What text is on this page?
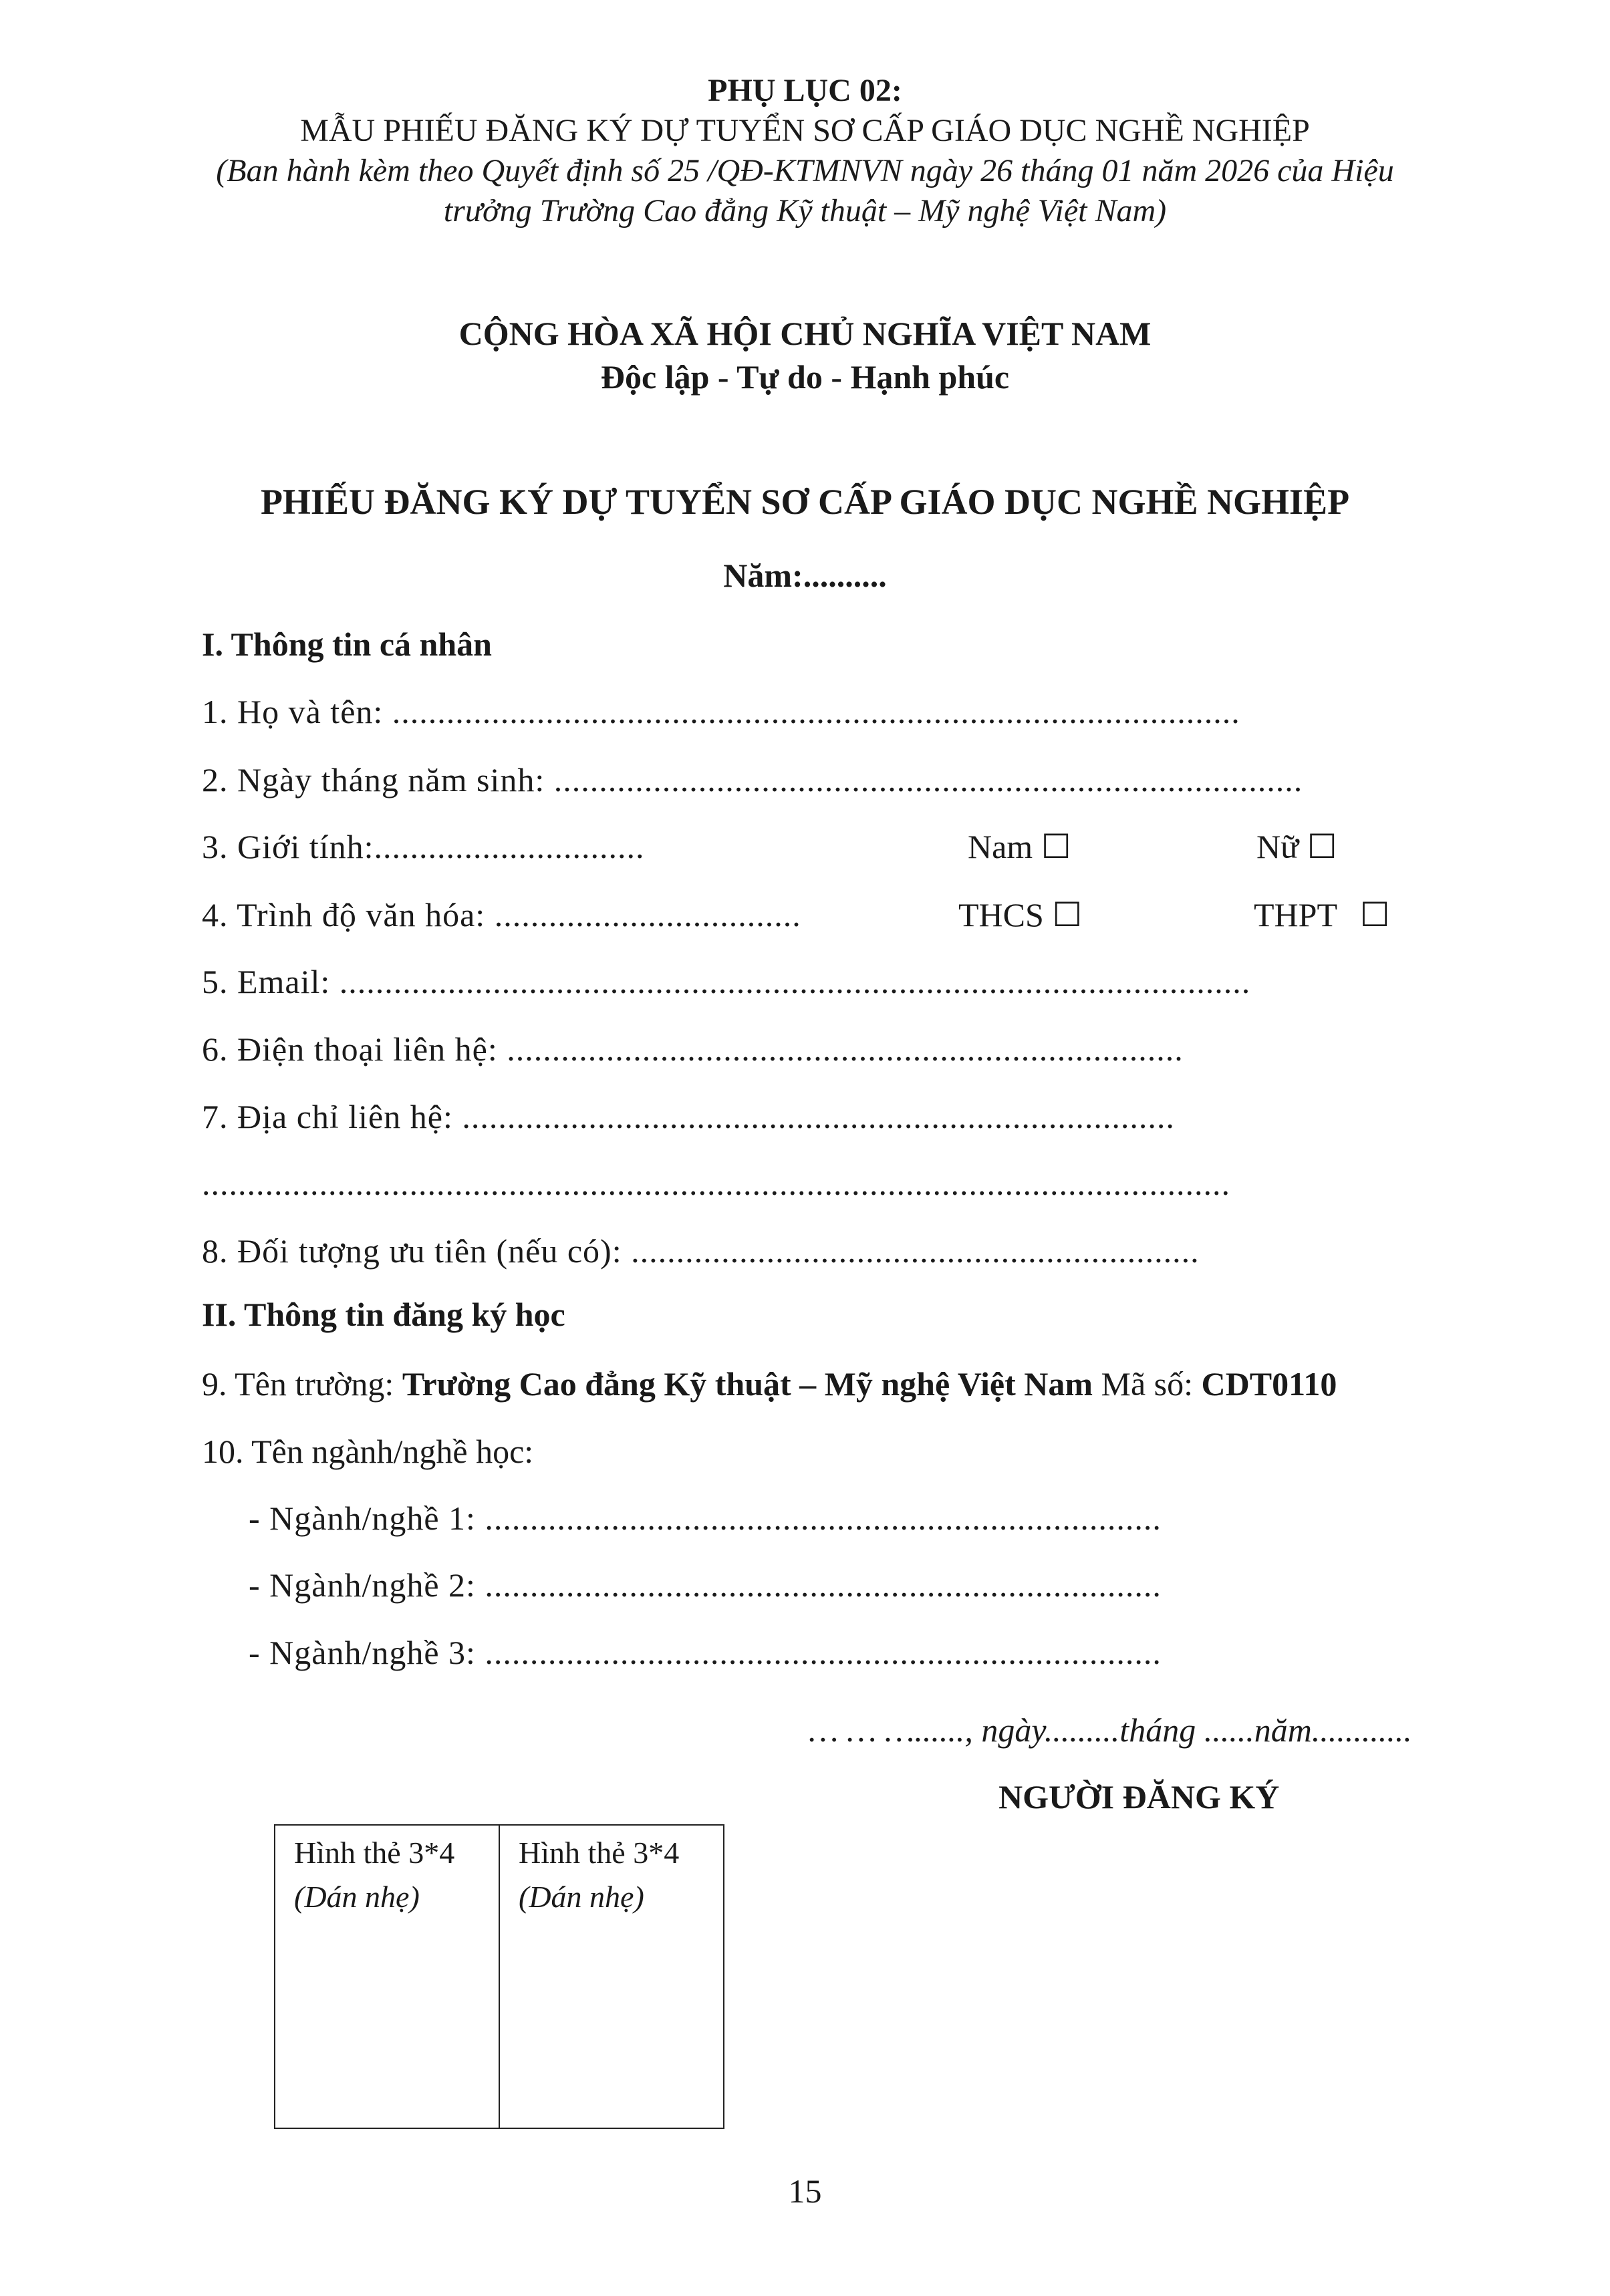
PHỤ LỤC 02:
MẪU PHIẾU ĐĂNG KÝ DỰ TUYỂN SƠ CẤP GIÁO DỤC NGHỀ NGHIỆP
(Ban hành kèm theo Quyết định số 25 /QĐ-KTMNVN ngày 26 tháng 01 năm 2026 của Hiệu
trưởng Trường Cao đẳng Kỹ thuật – Mỹ nghệ Việt Nam)
CỘNG HÒA XÃ HỘI CHỦ NGHĨA VIỆT NAM
Độc lập - Tự do - Hạnh phúc
PHIẾU ĐĂNG KÝ DỰ TUYỂN SƠ CẤP GIÁO DỤC NGHỀ NGHIỆP
Năm:..........
I. Thông tin cá nhân
1. Họ và tên: ..............................................................................................
2. Ngày tháng năm sinh: ...................................................................................
3. Giới tính:..............................	Nam ☐	Nữ ☐
4. Trình độ văn hóa: ..................................	THCS ☐	THPT ☐
5. Email: .....................................................................................................
6. Điện thoại liên hệ: ...........................................................................
7. Địa chỉ liên hệ: ...............................................................................
..................................................................................................................
8. Đối tượng ưu tiên (nếu có): ...............................................................
II. Thông tin đăng ký học
9. Tên trường: Trường Cao đẳng Kỹ thuật – Mỹ nghệ Việt Nam Mã số: CDT0110
10. Tên ngành/nghề học:
- Ngành/nghề 1: ...........................................................................
- Ngành/nghề 2: ...........................................................................
- Ngành/nghề 3: ...........................................................................
… … …......, ngày.........tháng ......năm............
NGƯỜI ĐĂNG KÝ
Hình thẻ 3*4
(Dán nhẹ)
Hình thẻ 3*4
(Dán nhẹ)
15
